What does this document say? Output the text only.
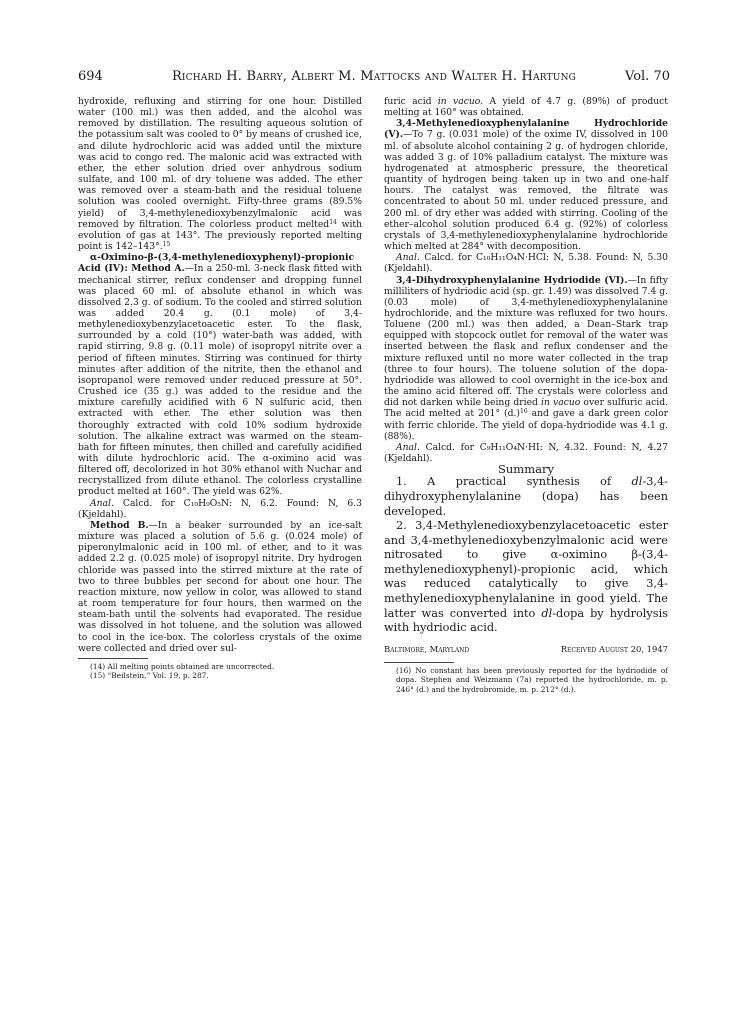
694	Richard H. Barry, Albert M. Mattocks and Walter H. Hartung	Vol. 70

hydroxide, refluxing and stirring for one hour. Distilled water (100 ml.) was then added, and the alcohol was removed by distillation. The resulting aqueous solution of the potassium salt was cooled to 0° by means of crushed ice, and dilute hydrochloric acid was added until the mixture was acid to congo red. The malonic acid was extracted with ether, the ether solution dried over anhydrous sodium sulfate, and 100 ml. of dry toluene was added. The ether was removed over a steam-bath and the residual toluene solution was cooled overnight. Fifty-three grams (89.5% yield) of 3,4-methylenedioxybenzylmalonic acid was removed by filtration. The colorless product melted$^{14}$ with evolution of gas at 143°. The previously reported melting point is 142–143°.$^{15}$

α-Oximino-β-(3,4-methylenedioxyphenyl)-propionic Acid (IV): Method A.—In a 250-ml. 3-neck flask fitted with mechanical stirrer, reflux condenser and dropping funnel was placed 60 ml. of absolute ethanol in which was dissolved 2.3 g. of sodium. To the cooled and stirred solution was added 20.4 g. (0.1 mole) of 3,4-methylenedioxybenzylacetoacetic ester. To the flask, surrounded by a cold (10°) water-bath was added, with rapid stirring, 9.8 g. (0.11 mole) of isopropyl nitrite over a period of fifteen minutes. Stirring was continued for thirty minutes after addition of the nitrite, then the ethanol and isopropanol were removed under reduced pressure at 50°. Crushed ice (35 g.) was added to the residue and the mixture carefully acidified with 6 N sulfuric acid, then extracted with ether. The ether solution was then thoroughly extracted with cold 10% sodium hydroxide solution. The alkaline extract was warmed on the steam-bath for fifteen minutes, then chilled and carefully acidified with dilute hydrochloric acid. The α-oximino acid was filtered off, decolorized in hot 30% ethanol with Nuchar and recrystallized from dilute ethanol. The colorless crystalline product melted at 160°. The yield was 62%.

Anal. Calcd. for C₁₀H₉O₅N: N, 6.2. Found: N, 6.3 (Kjeldahl).

Method B.—In a beaker surrounded by an ice-salt mixture was placed a solution of 5.6 g. (0.024 mole) of piperonylmalonic acid in 100 ml. of ether, and to it was added 2.2 g. (0.025 mole) of isopropyl nitrite. Dry hydrogen chloride was passed into the stirred mixture at the rate of two to three bubbles per second for about one hour. The reaction mixture, now yellow in color, was allowed to stand at room temperature for four hours, then warmed on the steam-bath until the solvents had evaporated. The residue was dissolved in hot toluene, and the solution was allowed to cool in the ice-box. The colorless crystals of the oxime were collected and dried over sul-

(14) All melting points obtained are uncorrected.

(15) “Beilstein,” Vol. 19, p. 287.

furic acid in vacuo. A yield of 4.7 g. (89%) of product melting at 160° was obtained.

3,4-Methylenedioxyphenylalanine Hydrochloride (V).—To 7 g. (0.031 mole) of the oxime IV, dissolved in 100 ml. of absolute alcohol containing 2 g. of hydrogen chloride, was added 3 g. of 10% palladium catalyst. The mixture was hydrogenated at atmospheric pressure, the theoretical quantity of hydrogen being taken up in two and one-half hours. The catalyst was removed, the filtrate was concentrated to about 50 ml. under reduced pressure, and 200 ml. of dry ether was added with stirring. Cooling of the ether–alcohol solution produced 6.4 g. (92%) of colorless crystals of 3,4-methylenedioxyphenylalanine hydrochloride which melted at 284° with decomposition.

Anal. Calcd. for C₁₀H₁₁O₄N·HCl: N, 5.38. Found: N, 5.30 (Kjeldahl).

3,4-Dihydroxyphenylalanine Hydriodide (VI).—In fifty milliliters of hydriodic acid (sp. gr. 1.49) was dissolved 7.4 g. (0.03 mole) of 3,4-methylenedioxyphenylalanine hydrochloride, and the mixture was refluxed for two hours. Toluene (200 ml.) was then added, a Dean–Stark trap equipped with stopcock outlet for removal of the water was inserted between the flask and reflux condenser and the mixture refluxed until no more water collected in the trap (three to four hours). The toluene solution of the dopa-hydriodide was allowed to cool overnight in the ice-box and the amino acid filtered off. The crystals were colorless and did not darken while being dried in vacuo over sulfuric acid. The acid melted at 201° $(d.)^{16}$ and gave a dark green color with ferric chloride. The yield of dopa-hydriodide was 4.1 g. (88%).

Anal. Calcd. for C₉H₁₁O₄N·HI: N, 4.32. Found: N, 4.27 (Kjeldahl).

Summary

1. A practical synthesis of dl-3,4-dihydroxyphenylalanine (dopa) has been developed.

2. 3,4-Methylenedioxybenzylacetoacetic ester and 3,4-methylenedioxybenzylmalonic acid were nitrosated to give α-oximino β-(3,4-methylenedioxyphenyl)-propionic acid, which was reduced catalytically to give 3,4-methylenedioxyphenylalanine in good yield. The latter was converted into dl-dopa by hydrolysis with hydriodic acid.

Baltimore, Maryland	Received August 20, 1947

(16) No constant has been previously reported for the hydriodide of dopa. Stephen and Weizmann (7a) reported the hydrochloride, m. p. 246° (d.) and the hydrobromide, m. p. 212° (d.).
